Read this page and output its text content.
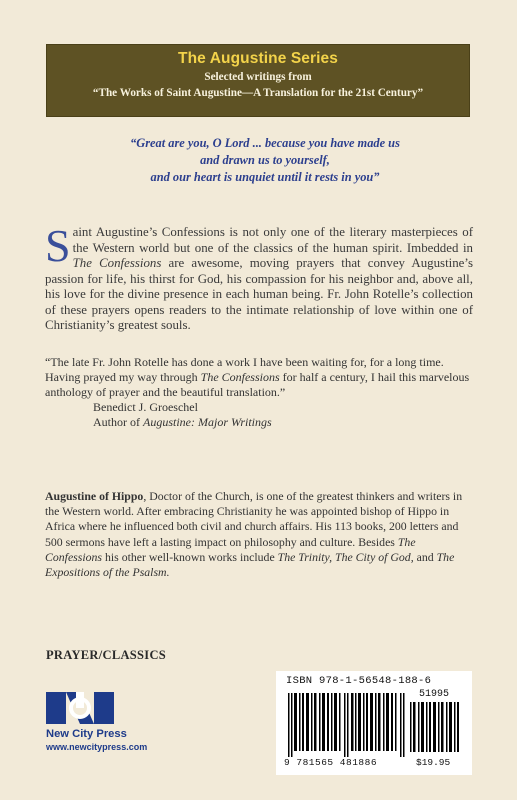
The Augustine Series
Selected writings from
“The Works of Saint Augustine—A Translation for the 21st Century”
“Great are you, O Lord ... because you have made us
and drawn us to yourself,
and our heart is unquiet until it rests in you”
Saint Augustine’s Confessions is not only one of the literary masterpieces of the Western world but one of the classics of the human spirit. Imbedded in The Confessions are awesome, moving prayers that convey Augustine’s passion for life, his thirst for God, his compassion for his neighbor and, above all, his love for the divine presence in each human being. Fr. John Rotelle’s collection of these prayers opens readers to the intimate relationship of love within one of Christianity’s greatest souls.
“The late Fr. John Rotelle has done a work I have been waiting for, for a long time. Having prayed my way through The Confessions for half a century, I hail this marvelous anthology of prayer and the beautiful translation.”
Benedict J. Groeschel
Author of Augustine: Major Writings
Augustine of Hippo, Doctor of the Church, is one of the greatest thinkers and writers in the Western world. After embracing Christianity he was appointed bishop of Hippo in Africa where he influenced both civil and church affairs. His 113 books, 200 letters and 500 sermons have left a lasting impact on philosophy and culture. Besides The Confessions his other well-known works include The Trinity, The City of God, and The Expositions of the Psalsm.
PRAYER/CLASSICS
New City Press
www.newcitypress.com
ISBN 978-1-56548-188-6
51995
9 781565 481886	$19.95
